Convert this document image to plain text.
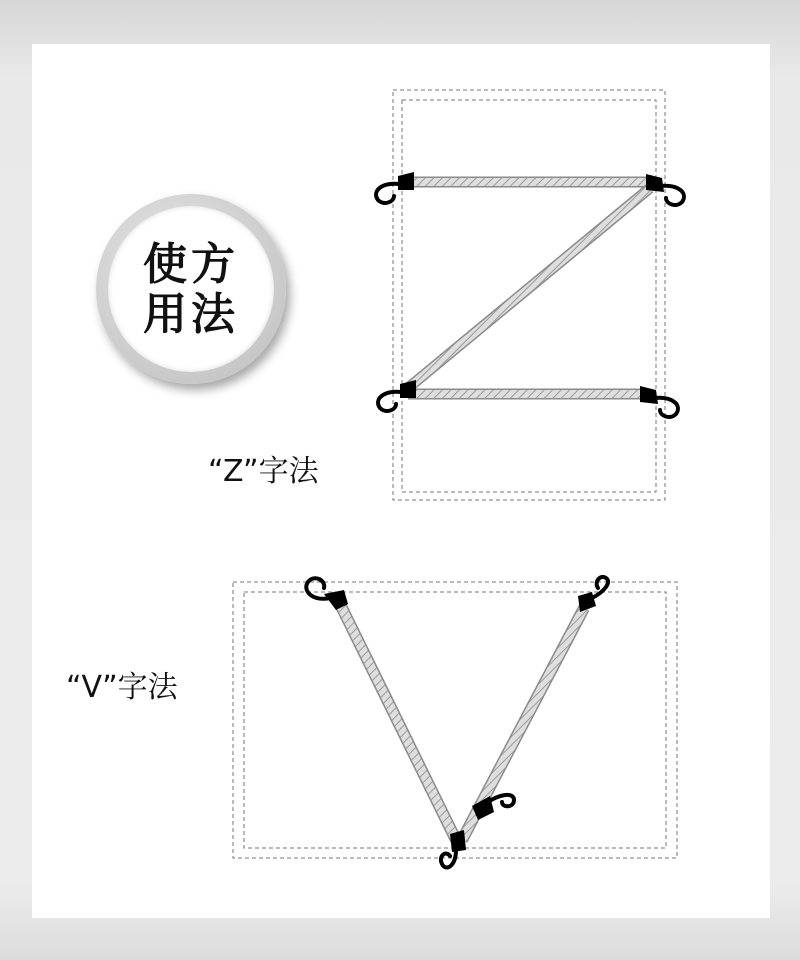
使方
用法
“Z”字法
“V”字法
